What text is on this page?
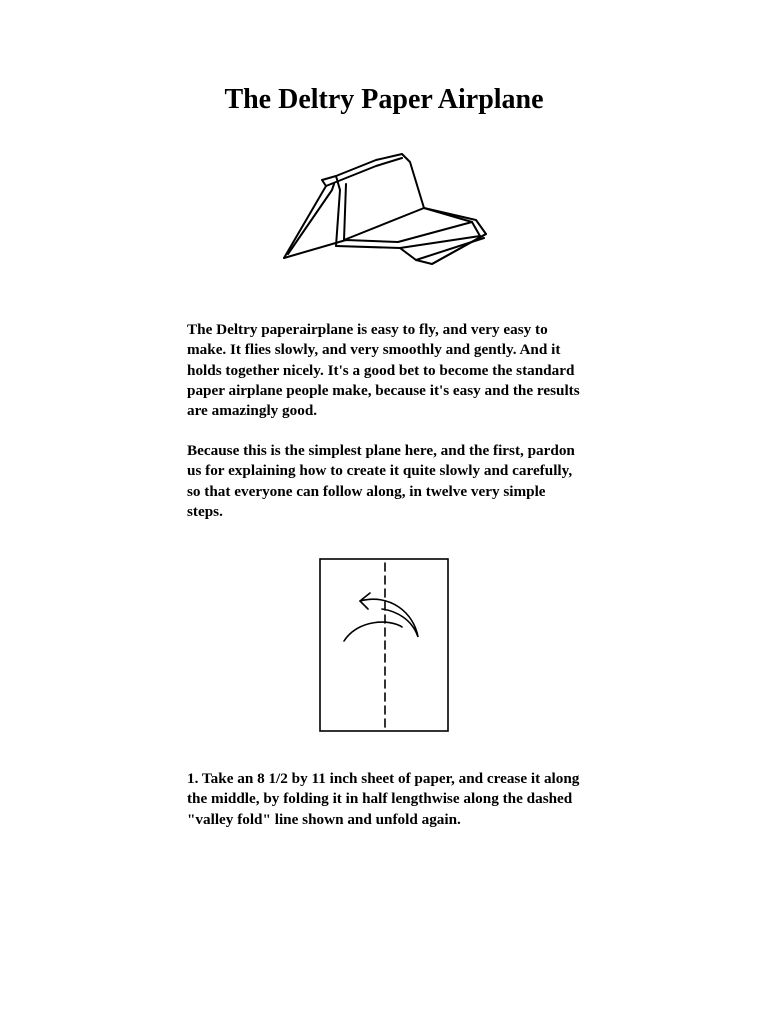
The Deltry Paper Airplane

The Deltry paperairplane is easy to fly, and very easy to make. It flies slowly, and very smoothly and gently. And it holds together nicely. It's a good bet to become the standard paper airplane people make, because it's easy and the results are amazingly good.

Because this is the simplest plane here, and the first, pardon us for explaining how to create it quite slowly and carefully, so that everyone can follow along, in twelve very simple steps.

1. Take an 8 1/2 by 11 inch sheet of paper, and crease it along the middle, by folding it in half lengthwise along the dashed "valley fold" line shown and unfold again.
